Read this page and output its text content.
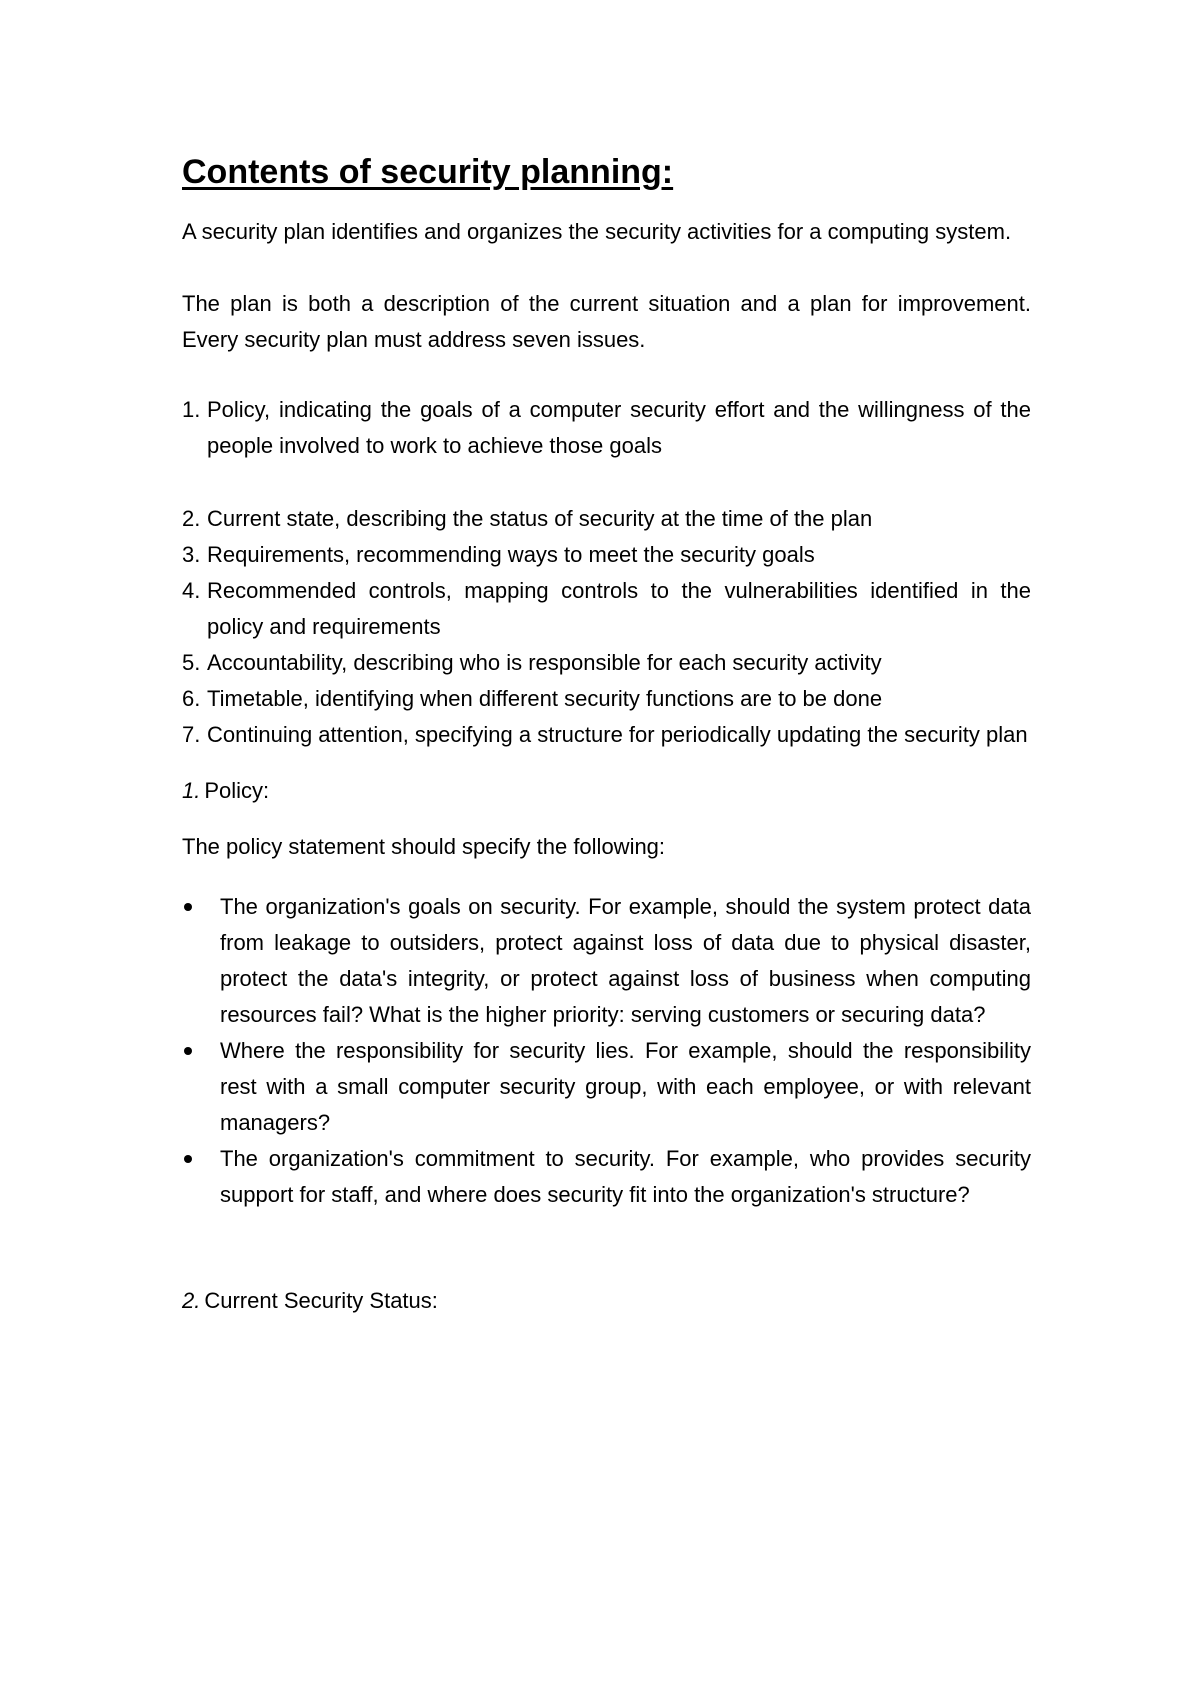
Contents of security planning:

A security plan identifies and organizes the security activities for a computing system.

The plan is both a description of the current situation and a plan for improvement. Every security plan must address seven issues.

1. Policy, indicating the goals of a computer security effort and the willingness of the people involved to work to achieve those goals
2. Current state, describing the status of security at the time of the plan
3. Requirements, recommending ways to meet the security goals
4. Recommended controls, mapping controls to the vulnerabilities identified in the policy and requirements
5. Accountability, describing who is responsible for each security activity
6. Timetable, identifying when different security functions are to be done
7. Continuing attention, specifying a structure for periodically updating the security plan
1. Policy:

The policy statement should specify the following:

The organization's goals on security. For example, should the system protect data from leakage to outsiders, protect against loss of data due to physical disaster, protect the data's integrity, or protect against loss of business when computing resources fail? What is the higher priority: serving customers or securing data?
Where the responsibility for security lies. For example, should the responsibility rest with a small computer security group, with each employee, or with relevant managers?
The organization's commitment to security. For example, who provides security support for staff, and where does security fit into the organization's structure?
2. Current Security Status:
